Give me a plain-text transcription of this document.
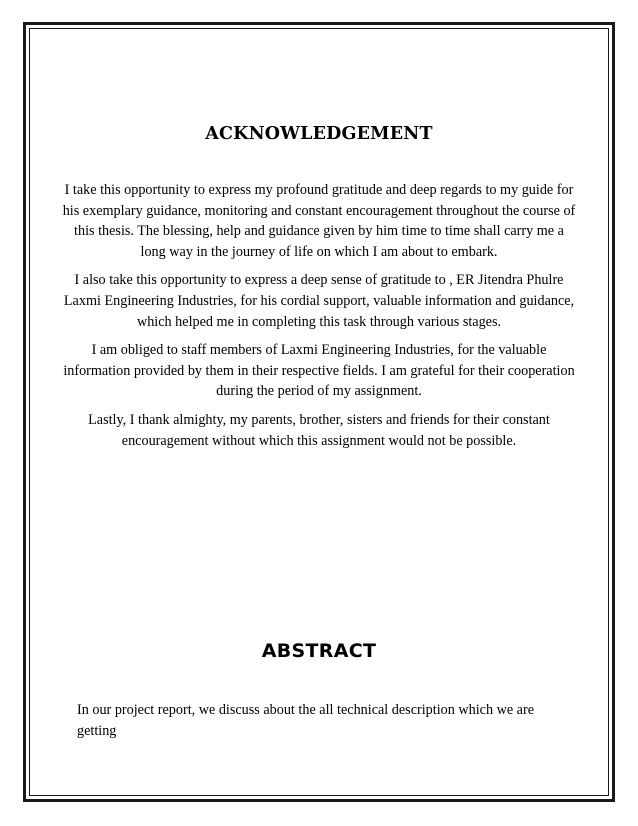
ACKNOWLEDGEMENT

I take this opportunity to express my profound gratitude and deep regards to my guide for his exemplary guidance, monitoring and constant encouragement throughout the course of this thesis. The blessing, help and guidance given by him time to time shall carry me a long way in the journey of life on which I am about to embark.

I also take this opportunity to express a deep sense of gratitude to , ER Jitendra Phulre Laxmi Engineering Industries, for his cordial support, valuable information and guidance, which helped me in completing this task through various stages.

I am obliged to staff members of Laxmi Engineering Industries, for the valuable information provided by them in their respective fields. I am grateful for their cooperation during the period of my assignment.

Lastly, I thank almighty, my parents, brother, sisters and friends for their constant encouragement without which this assignment would not be possible.

ABSTRACT

In our project report, we discuss about the all technical description which we are getting
